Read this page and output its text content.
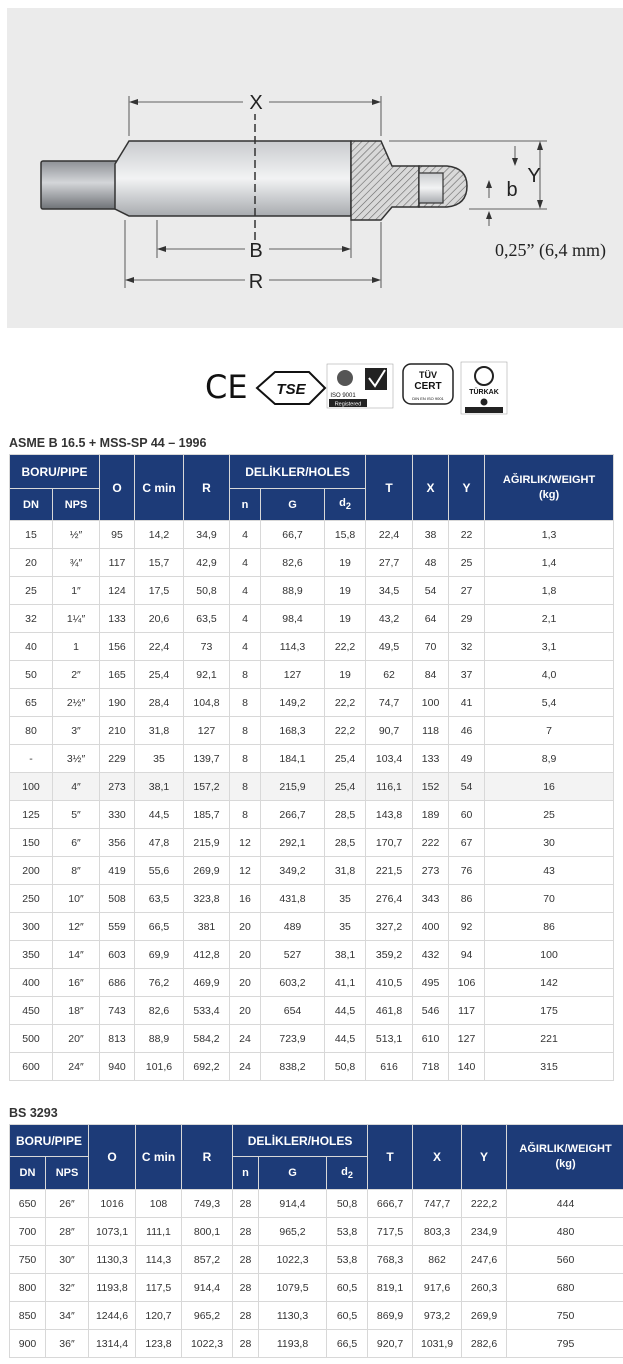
X
B
R
Y
b
0,25” (6,4 mm)
CE TSE	ISO 9001
Registered
TÜV
CERT
DIN EN ISO 9001
TÜRKAK
ASME B 16.5 + MSS-SP 44 – 1996
BORU/PIPE		O	C min	R	DELİKLER/HOLES			T	X	Y	AĞIRLIK/WEIGHT
(kg)

DN	NPS				n	G	$d_2$
15	½″	95	14,2	34,9	4	66,7	15,8	22,4	38	22	1,3
20	¾″	117	15,7	42,9	4	82,6	19	27,7	48	25	1,4
25	1″	124	17,5	50,8	4	88,9	19	34,5	54	27	1,8
32	1¼″	133	20,6	63,5	4	98,4	19	43,2	64	29	2,1
40	1	156	22,4	73	4	114,3	22,2	49,5	70	32	3,1
50	2″	165	25,4	92,1	8	127	19	62	84	37	4,0
65	2½″	190	28,4	104,8	8	149,2	22,2	74,7	100	41	5,4
80	3″	210	31,8	127	8	168,3	22,2	90,7	118	46	7
-	3½″	229	35	139,7	8	184,1	25,4	103,4	133	49	8,9
100	4″	273	38,1	157,2	8	215,9	25,4	116,1	152	54	16
125	5″	330	44,5	185,7	8	266,7	28,5	143,8	189	60	25
150	6″	356	47,8	215,9	12	292,1	28,5	170,7	222	67	30
200	8″	419	55,6	269,9	12	349,2	31,8	221,5	273	76	43
250	10″	508	63,5	323,8	16	431,8	35	276,4	343	86	70
300	12″	559	66,5	381	20	489	35	327,2	400	92	86
350	14″	603	69,9	412,8	20	527	38,1	359,2	432	94	100
400	16″	686	76,2	469,9	20	603,2	41,1	410,5	495	106	142
450	18″	743	82,6	533,4	20	654	44,5	461,8	546	117	175
500	20″	813	88,9	584,2	24	723,9	44,5	513,1	610	127	221
600	24″	940	101,6	692,2	24	838,2	50,8	616	718	140	315
BS 3293
BORU/PIPE		O	C min	R	DELİKLER/HOLES			T	X	Y	AĞIRLIK/WEIGHT
(kg)

DN	NPS				n	G	$d_2$
650	26″	1016	108	749,3	28	914,4	50,8	666,7	747,7	222,2	444
700	28″	1073,1	111,1	800,1	28	965,2	53,8	717,5	803,3	234,9	480
750	30″	1130,3	114,3	857,2	28	1022,3	53,8	768,3	862	247,6	560
800	32″	1193,8	117,5	914,4	28	1079,5	60,5	819,1	917,6	260,3	680
850	34″	1244,6	120,7	965,2	28	1130,3	60,5	869,9	973,2	269,9	750
900	36″	1314,4	123,8	1022,3	28	1193,8	66,5	920,7	1031,9	282,6	795
